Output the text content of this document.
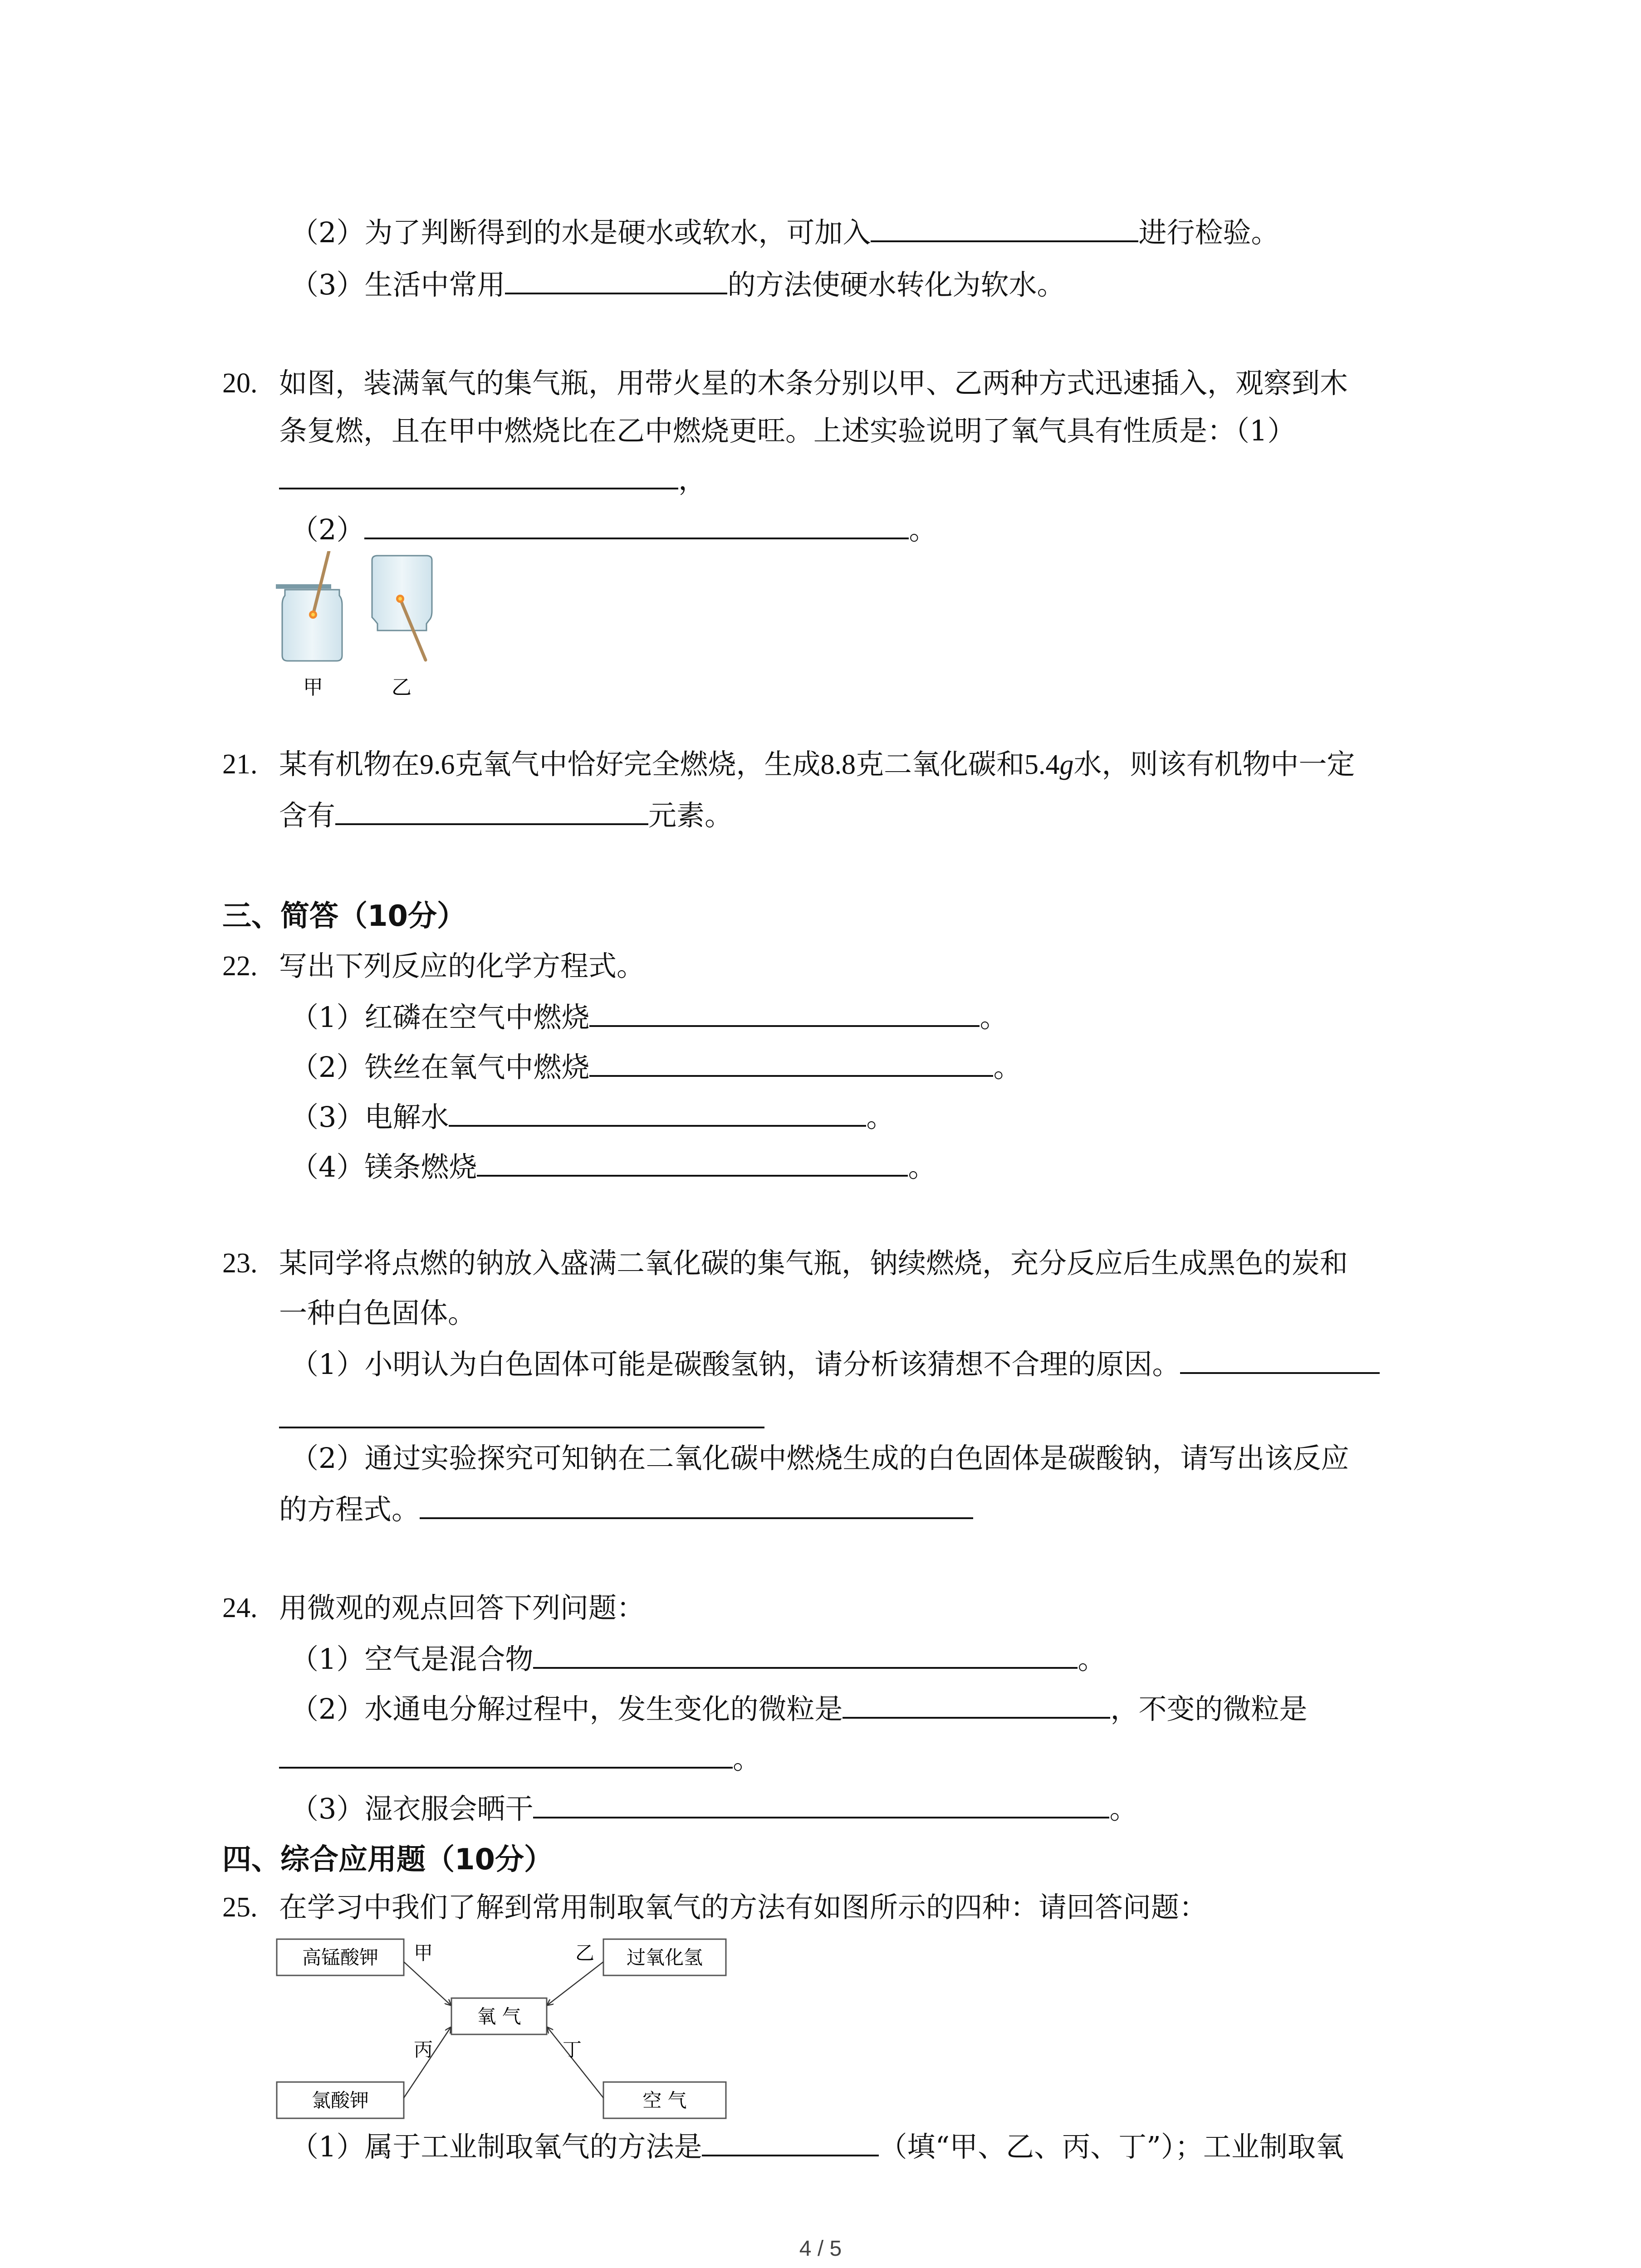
（2）为了判断得到的水是硬水或软水，可加入	进行检验。
（3）生活中常用	的方法使硬水转化为软水。
20. 如图，装满氧气的集气瓶，用带火星的木条分别以甲、乙两种方式迅速插入，观察到木
条复燃，且在甲中燃烧比在乙中燃烧更旺。上述实验说明了氧气具有性质是：（1）
，
（2）	。
甲	乙
21. 某有机物在9.6克氧气中恰好完全燃烧，生成8.8克二氧化碳和5.4g水，则该有机物中一定
含有	元素。
三、简答（10分）
22. 写出下列反应的化学方程式。
（1）红磷在空气中燃烧	。
（2）铁丝在氧气中燃烧	。
（3）电解水	。
（4）镁条燃烧	。
23. 某同学将点燃的钠放入盛满二氧化碳的集气瓶，钠续燃烧，充分反应后生成黑色的炭和
一种白色固体。
（1）小明认为白色固体可能是碳酸氢钠，请分析该猜想不合理的原因。
（2）通过实验探究可知钠在二氧化碳中燃烧生成的白色固体是碳酸钠，请写出该反应
的方程式。
24. 用微观的观点回答下列问题：
（1）空气是混合物	。
（2）水通电分解过程中，发生变化的微粒是	，不变的微粒是
。
（3）湿衣服会晒干	。
四、综合应用题（10分）
25. 在学习中我们了解到常用制取氧气的方法有如图所示的四种：请回答问题：
高锰酸钾	过氧化氢
氧 气
氯酸钾	空 气
甲	乙
丙	丁
（1）属于工业制取氧气的方法是	（填“甲、乙、丙、丁”）；工业制取氧
4 / 5
